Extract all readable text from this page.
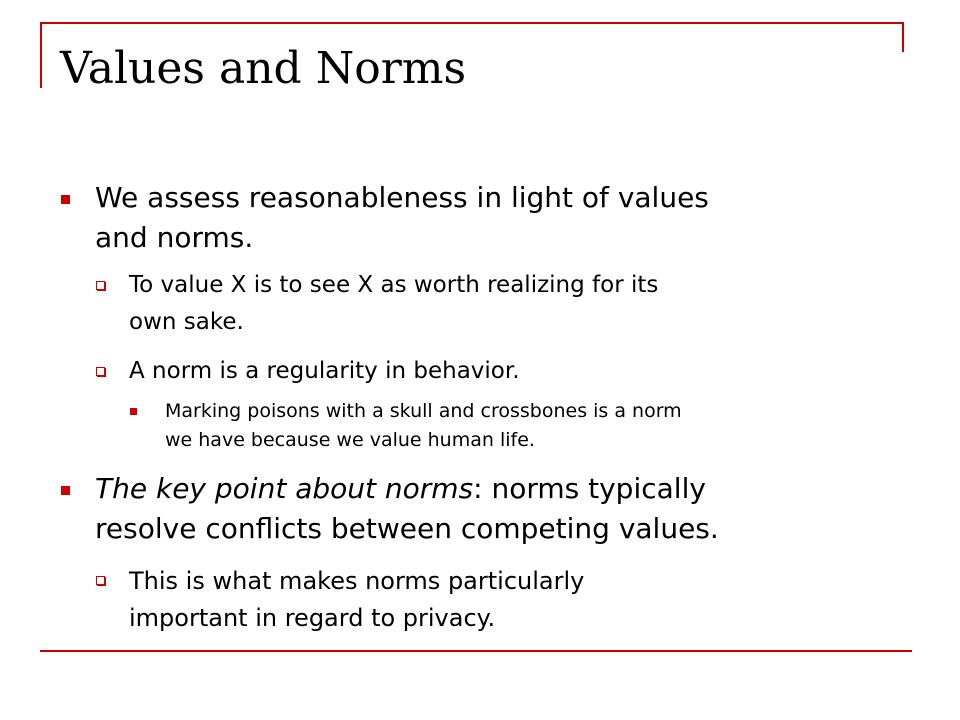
Values and Norms

We assess reasonableness in light of values

and norms.

To value X is to see X as worth realizing for its

own sake.

A norm is a regularity in behavior.

Marking poisons with a skull and crossbones is a norm

we have because we value human life.

The key point about norms: norms typically

resolve conflicts between competing values.

This is what makes norms particularly

important in regard to privacy.
